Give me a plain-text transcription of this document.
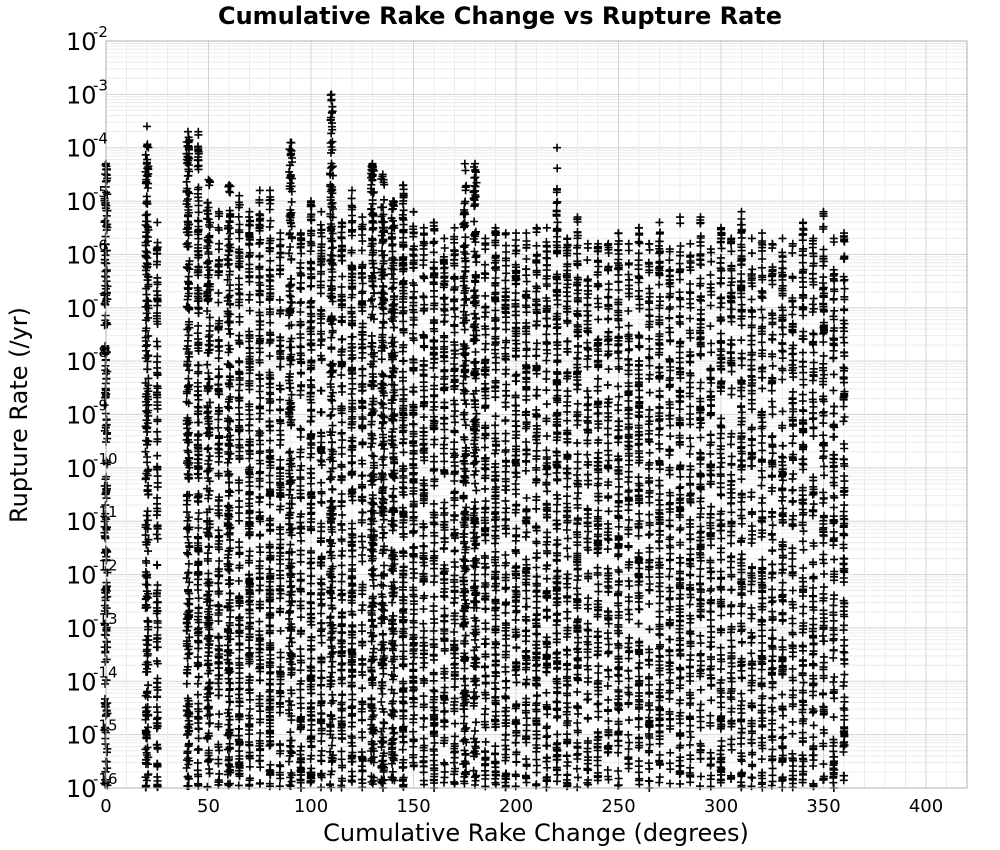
Cumulative Rake Change vs Rupture Rate
0	50	100	150	200	250	300	350	400
10
-16
10
-15
10
-14
10
-13
10
-12
10
-11
10
-10
10
-9
10
-8
10
-7
10
-6
10
-5
10
-4
10
-3
10
-2
Cumulative Rake Change (degrees)
Rupture Rate (/yr)
